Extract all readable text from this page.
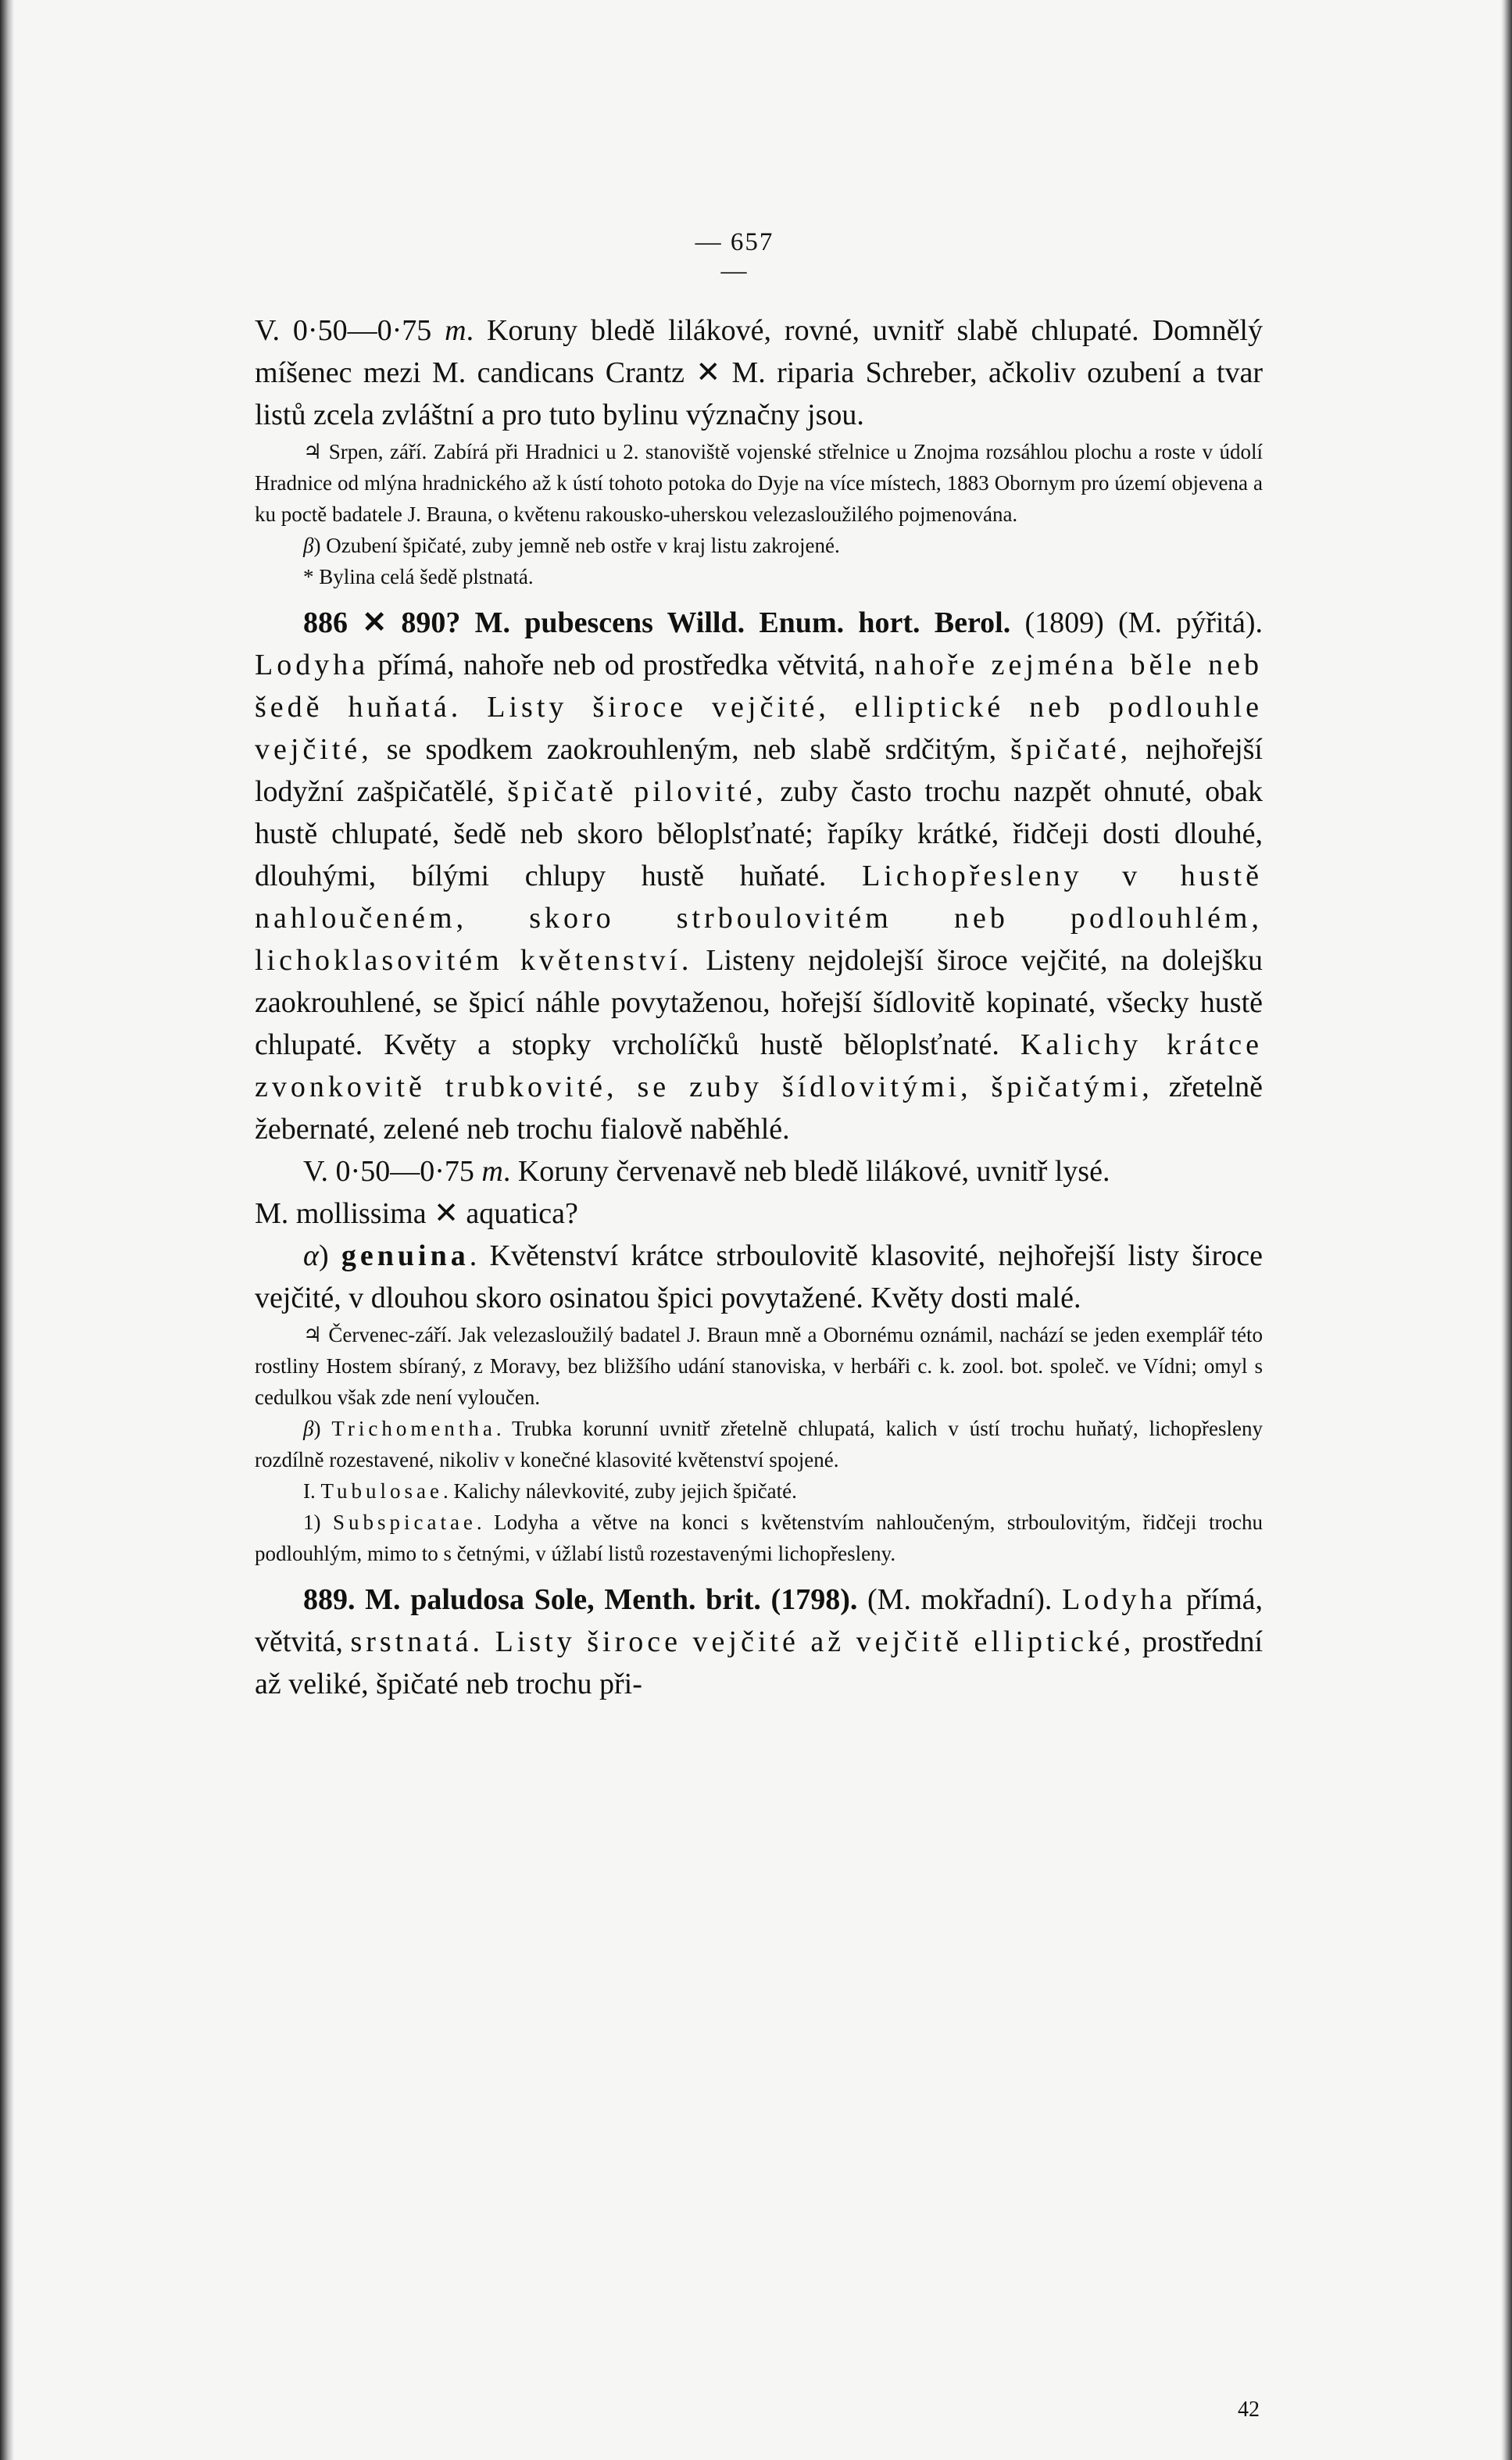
— 657 —

V. 0·50—0·75 m. Koruny bledě lilákové, rovné, uvnitř slabě chlupaté. Domnělý míšenec mezi M. candicans Crantz ✕ M. riparia Schreber, ačkoliv ozubení a tvar listů zcela zvláštní a pro tuto bylinu význačny jsou.

♃ Srpen, září. Zabírá při Hradnici u 2. stanoviště vojenské střelnice u Znojma rozsáhlou plochu a roste v údolí Hradnice od mlýna hradnického až k ústí tohoto potoka do Dyje na více místech, 1883 Obornym pro území objevena a ku poctě badatele J. Brauna, o květenu rakousko-uherskou velezasloužilého pojmenována.

β) Ozubení špičaté, zuby jemně neb ostře v kraj listu zakrojené.

* Bylina celá šedě plstnatá.

886 ✕ 890? M. pubescens Willd. Enum. hort. Berol. (1809) (M. pýřitá). Lodyha přímá, nahoře neb od prostředka větvitá, nahoře zejména běle neb šedě huňatá. Listy široce vejčité, elliptické neb podlouhle vejčité, se spodkem zaokrouhleným, neb slabě srdčitým, špičaté, nejhořejší lodyžní zašpičatělé, špičatě pilovité, zuby často trochu nazpět ohnuté, obak hustě chlupaté, šedě neb skoro běloplsťnaté; řapíky krátké, řidčeji dosti dlouhé, dlouhými, bílými chlupy hustě huňaté. Lichopřesleny v hustě nahloučeném, skoro strboulovitém neb podlouhlém, lichoklasovitém květenství. Listeny nejdolejší široce vejčité, na dolejšku zaokrouhlené, se špicí náhle povytaženou, hořejší šídlovitě kopinaté, všecky hustě chlupaté. Květy a stopky vrcholíčků hustě běloplsťnaté. Kalichy krátce zvonkovitě trubkovité, se zuby šídlovitými, špičatými, zřetelně žebernaté, zelené neb trochu fialově naběhlé.

V. 0·50—0·75 m. Koruny červenavě neb bledě lilákové, uvnitř lysé.

M. mollissima ✕ aquatica?

α) genuina. Květenství krátce strboulovitě klasovité, nejhořejší listy široce vejčité, v dlouhou skoro osinatou špici povytažené. Květy dosti malé.

♃ Červenec-září. Jak velezasloužilý badatel J. Braun mně a Obornému oznámil, nachází se jeden exemplář této rostliny Hostem sbíraný, z Moravy, bez bližšího udání stanoviska, v herbáři c. k. zool. bot. společ. ve Vídni; omyl s cedulkou však zde není vyloučen.

β) Trichomentha. Trubka korunní uvnitř zřetelně chlupatá, kalich v ústí trochu huňatý, lichopřesleny rozdílně rozestavené, nikoliv v konečné klasovité květenství spojené.

I. Tubulosae. Kalichy nálevkovité, zuby jejich špičaté.

1) Subspicatae. Lodyha a větve na konci s květenstvím nahloučeným, strboulovitým, řidčeji trochu podlouhlým, mimo to s četnými, v úžlabí listů rozestavenými lichopřesleny.

889. M. paludosa Sole, Menth. brit. (1798). (M. mokřadní). Lodyha přímá, větvitá, srstnatá. Listy široce vejčité až vejčitě elliptické, prostřední až veliké, špičaté neb trochu při-

42
